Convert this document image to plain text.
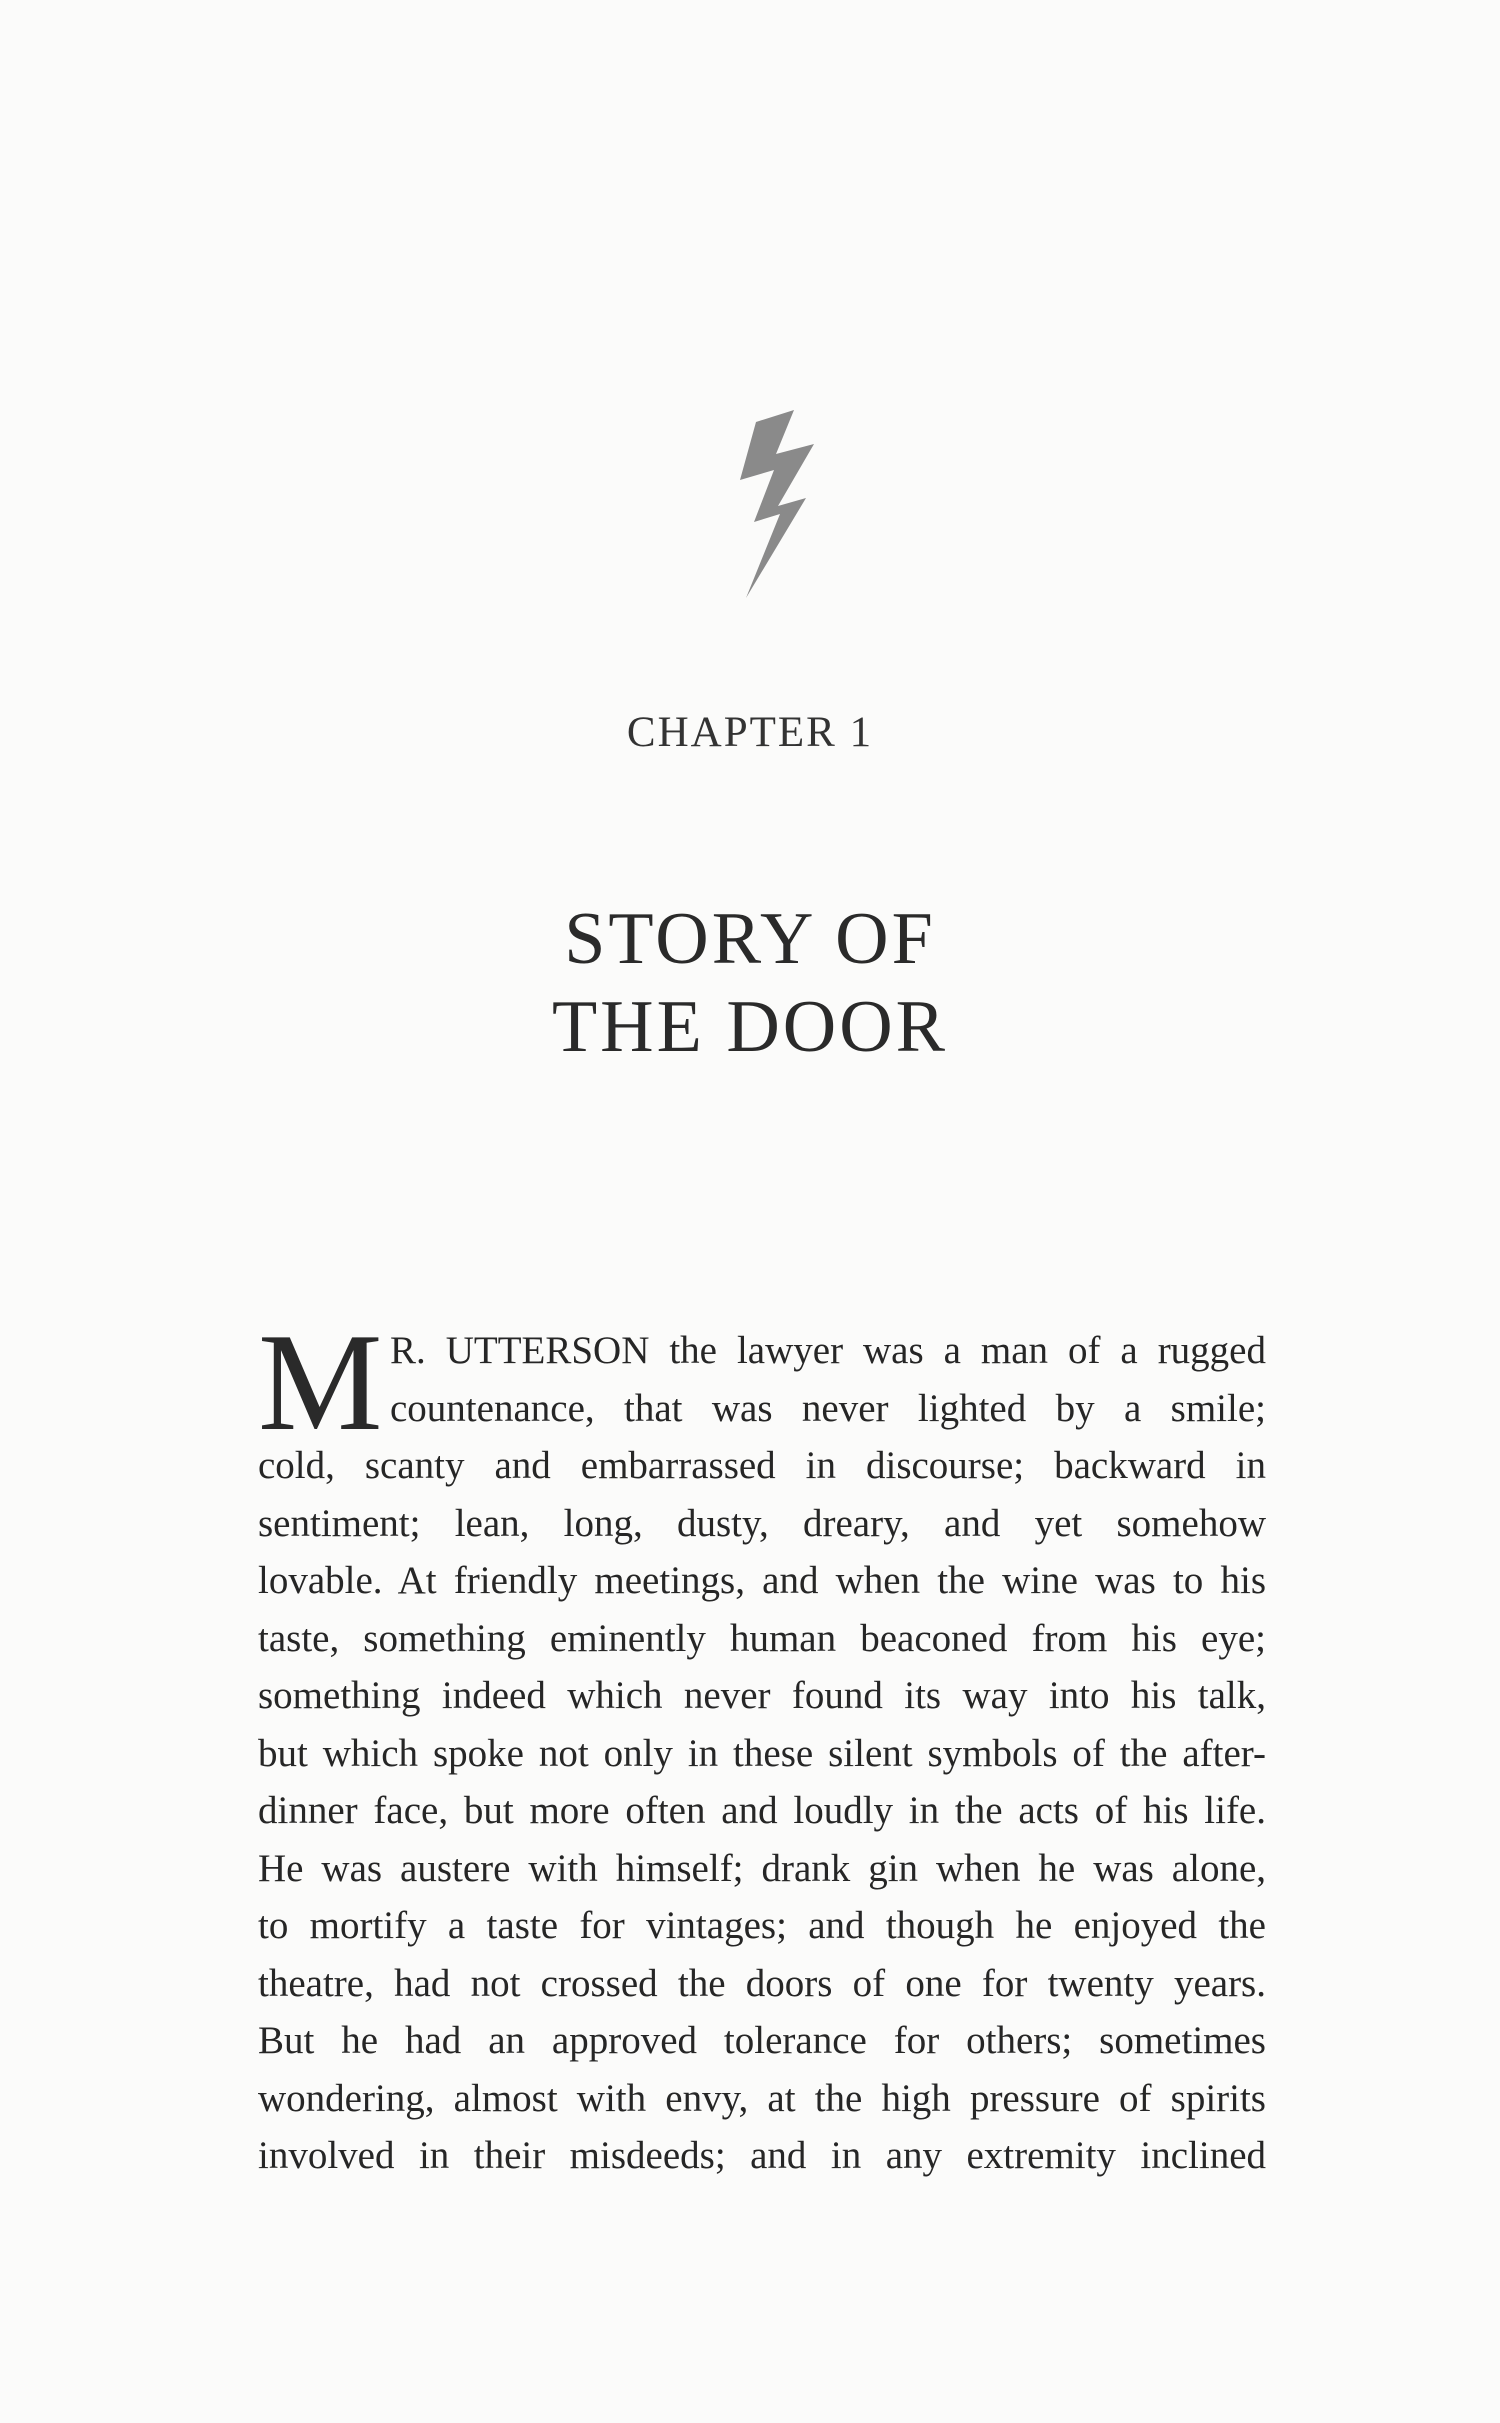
CHAPTER 1
STORY OF
THE DOOR
M R. UTTERSON the lawyer was a man of a rugged
countenance, that was never lighted by a smile;
cold, scanty and embarrassed in discourse; backward in
sentiment; lean, long, dusty, dreary, and yet somehow
lovable. At friendly meetings, and when the wine was to his
taste, something eminently human beaconed from his eye;
something indeed which never found its way into his talk,
but which spoke not only in these silent symbols of the after-
dinner face, but more often and loudly in the acts of his life.
He was austere with himself; drank gin when he was alone,
to mortify a taste for vintages; and though he enjoyed the
theatre, had not crossed the doors of one for twenty years.
But he had an approved tolerance for others; sometimes
wondering, almost with envy, at the high pressure of spirits
involved in their misdeeds; and in any extremity inclined
